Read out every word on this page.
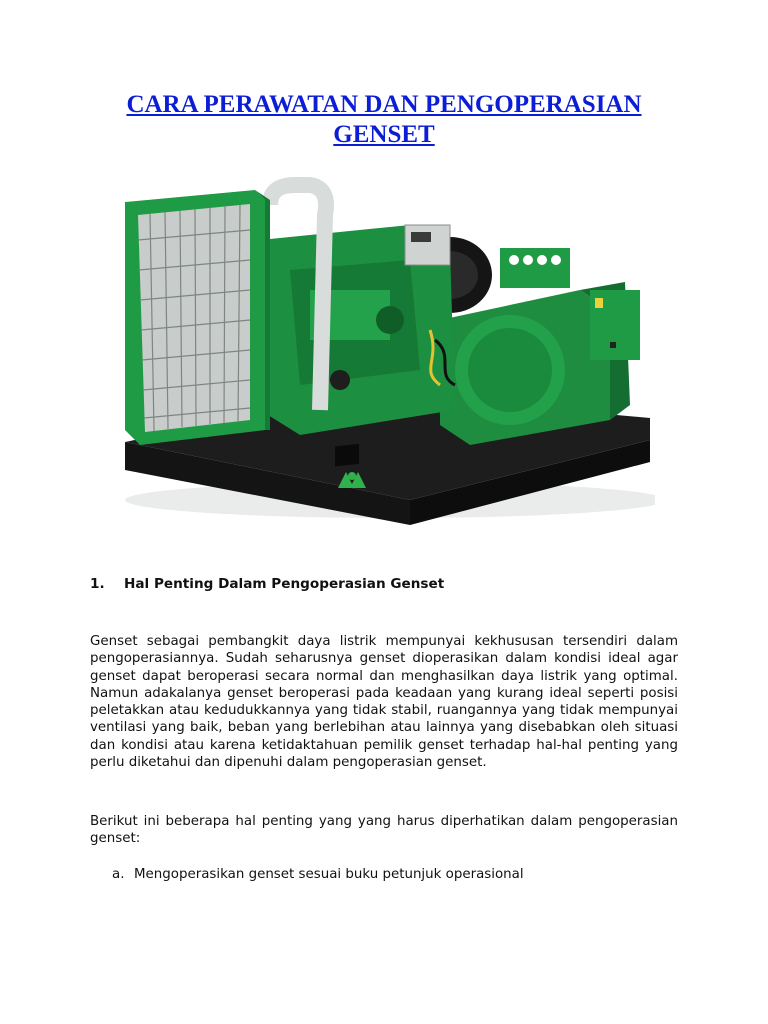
CARA PERAWATAN DAN PENGOPERASIAN
GENSET
1.	Hal Penting Dalam Pengoperasian Genset
Genset sebagai pembangkit daya listrik mempunyai kekhususan tersendiri dalam pengoperasiannya. Sudah seharusnya genset dioperasikan dalam kondisi ideal agar genset dapat beroperasi secara normal dan menghasilkan daya listrik yang optimal. Namun adakalanya genset beroperasi pada keadaan yang kurang ideal seperti posisi peletakkan atau kedudukkannya yang tidak stabil, ruangannya yang tidak mempunyai ventilasi yang baik, beban yang berlebihan atau lainnya yang disebabkan oleh situasi dan kondisi atau karena ketidaktahuan pemilik genset terhadap hal-hal penting yang perlu diketahui dan dipenuhi dalam pengoperasian genset.
Berikut ini beberapa hal penting yang yang harus diperhatikan dalam pengoperasian genset:
a. Mengoperasikan genset sesuai buku petunjuk operasional
